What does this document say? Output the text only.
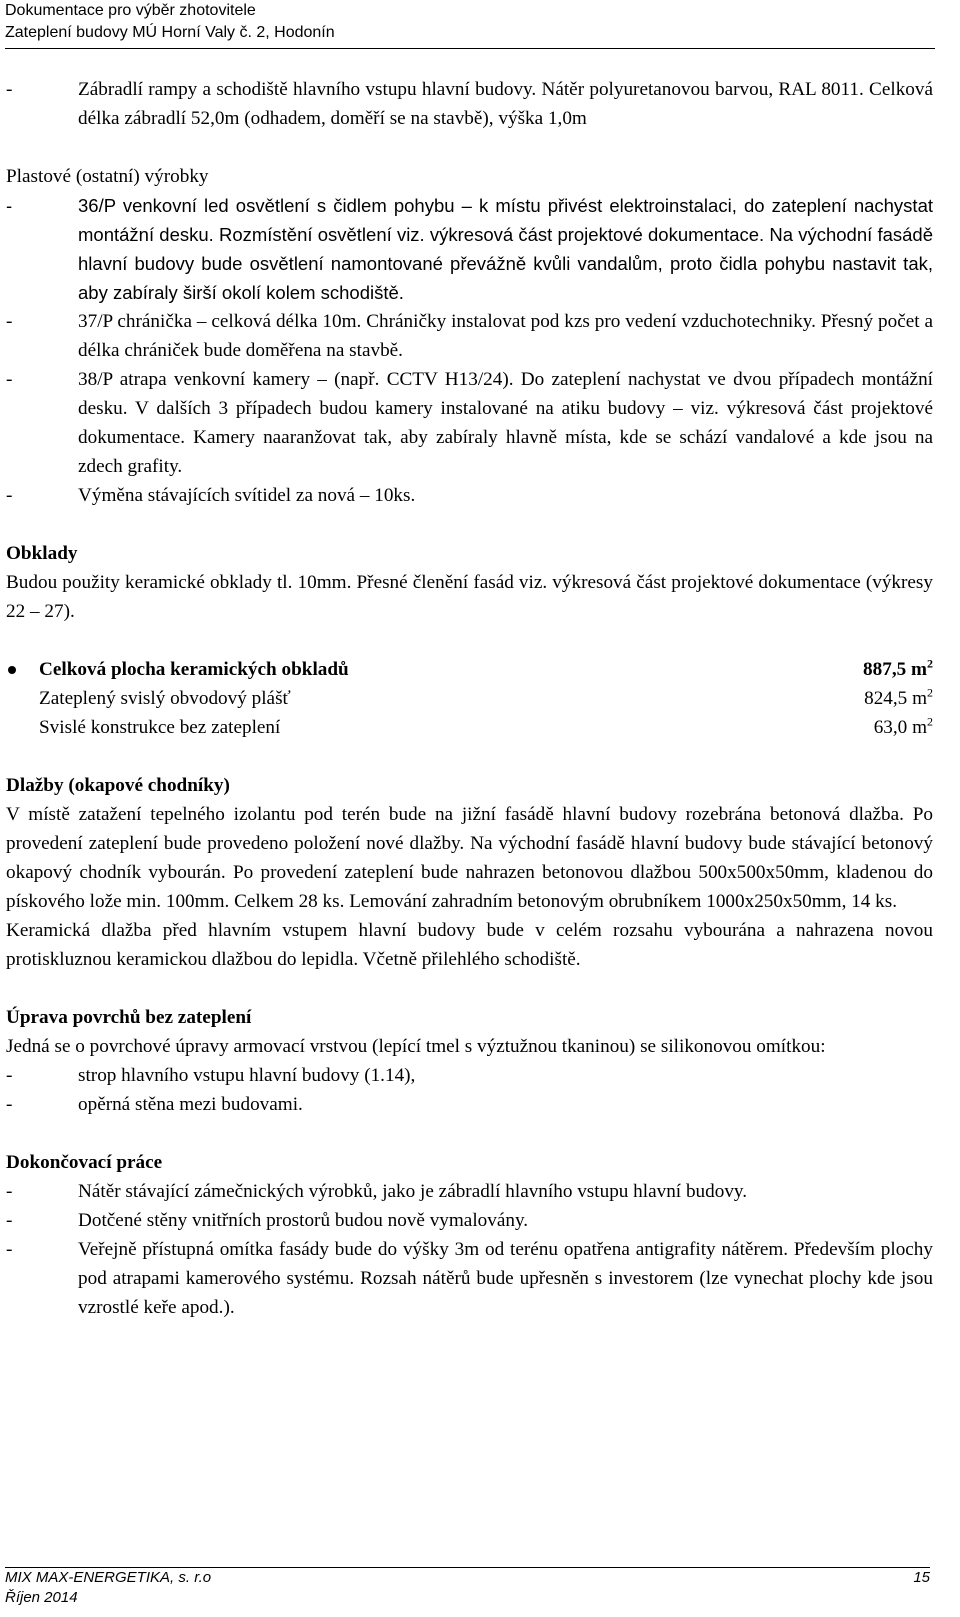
Dokumentace pro výběr zhotovitele
Zateplení budovy MÚ Horní Valy č. 2, Hodonín

- Zábradlí rampy a schodiště hlavního vstupu hlavní budovy. Nátěr polyuretanovou barvou, RAL 8011. Celková délka zábradlí 52,0m (odhadem, doměří se na stavbě), výška 1,0m

Plastové (ostatní) výrobky

- 36/P venkovní led osvětlení s čidlem pohybu – k místu přivést elektroinstalaci, do zateplení nachystat montážní desku. Rozmístění osvětlení viz. výkresová část projektové dokumentace. Na východní fasádě hlavní budovy bude osvětlení namontované převážně kvůli vandalům, proto čidla pohybu nastavit tak, aby zabíraly širší okolí kolem schodiště.

- 37/P chránička – celková délka 10m. Chráničky instalovat pod kzs pro vedení vzduchotechniky. Přesný počet a délka chrániček bude doměřena na stavbě.

- 38/P atrapa venkovní kamery – (např. CCTV H13/24). Do zateplení nachystat ve dvou případech montážní desku. V dalších 3 případech budou kamery instalované na atiku budovy – viz. výkresová část projektové dokumentace. Kamery naaranžovat tak, aby zabíraly hlavně místa, kde se schází vandalové a kde jsou na zdech grafity.

- Výměna stávajících svítidel za nová – 10ks.

Obklady

Budou použity keramické obklady tl. 10mm. Přesné členění fasád viz. výkresová část projektové dokumentace (výkresy 22 – 27).

Celková plocha keramických obkladů	887,5 $m^2$
Zateplený svislý obvodový plášť	824,5 $m^2$
Svislé konstrukce bez zateplení	63,0 $m^2$

Dlažby (okapové chodníky)

V místě zatažení tepelného izolantu pod terén bude na jižní fasádě hlavní budovy rozebrána betonová dlažba. Po provedení zateplení bude provedeno položení nové dlažby. Na východní fasádě hlavní budovy bude stávající betonový okapový chodník vybourán. Po provedení zateplení bude nahrazen betonovou dlažbou 500x500x50mm, kladenou do pískového lože min. 100mm. Celkem 28 ks. Lemování zahradním betonovým obrubníkem 1000x250x50mm, 14 ks.

Keramická dlažba před hlavním vstupem hlavní budovy bude v celém rozsahu vybourána a nahrazena novou protiskluznou keramickou dlažbou do lepidla. Včetně přilehlého schodiště.

Úprava povrchů bez zateplení

Jedná se o povrchové úpravy armovací vrstvou (lepící tmel s výztužnou tkaninou) se silikonovou omítkou:

- strop hlavního vstupu hlavní budovy (1.14),

- opěrná stěna mezi budovami.

Dokončovací práce

- Nátěr stávající zámečnických výrobků, jako je zábradlí hlavního vstupu hlavní budovy.

- Dotčené stěny vnitřních prostorů budou nově vymalovány.

- Veřejně přístupná omítka fasády bude do výšky 3m od terénu opatřena antigrafity nátěrem. Především plochy pod atrapami kamerového systému. Rozsah nátěrů bude upřesněn s investorem (lze vynechat plochy kde jsou vzrostlé keře apod.).

MIX MAX-ENERGETIKA, s. r.o
Říjen 2014
15
